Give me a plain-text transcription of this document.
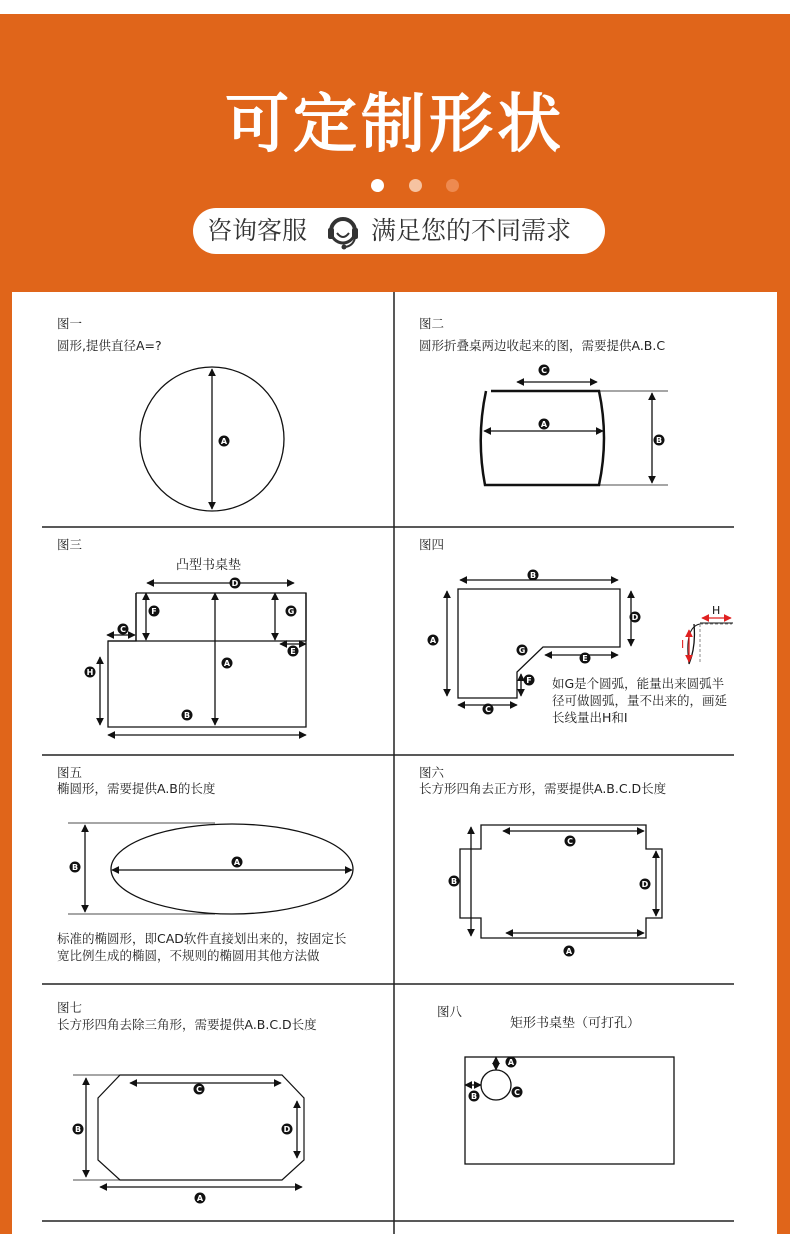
可定制形状
咨询客服	满足您的不同需求
A
C
A
B
D
F	G
C
E
A
H
B
B
D
A
G
E
F
C
B
A
C
B	D
A
C
B	D
A
A
B	C
H
I
图一
圆形,提供直径A=?
图二
圆形折叠桌两边收起来的图，需要提供A.B.C
图三
凸型书桌垫
图四
如G是个圆弧，能量出来圆弧半
径可做圆弧，量不出来的，画延
长线量出H和I
图五
椭圆形，需要提供A.B的长度
标准的椭圆形，即CAD软件直接划出来的，按固定长
宽比例生成的椭圆，不规则的椭圆用其他方法做
图六
长方形四角去正方形，需要提供A.B.C.D长度
图七
长方形四角去除三角形，需要提供A.B.C.D长度
图八
矩形书桌垫（可打孔）
